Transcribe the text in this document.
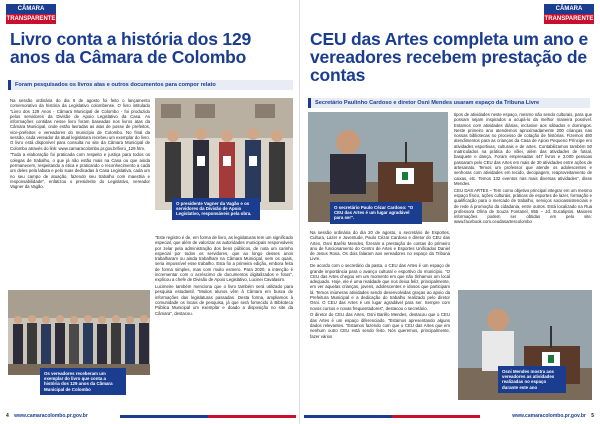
CÂMARA
TRANSPARENTE
Livro conta a história dos 129 anos da Câmara de Colombo
Foram pesquisados os livros atas e outros documentos para compor relato

Na sessão ordinária do dia 6 de agosto foi feito o lançamento comemorativo da história da Legislativo colombense. O livro intitulado "Livro dos 129 Anos - Câmara Municipal de Colombo - foi produzido pelos servidores da Divisão de Apoio Legislativo da Casa. As informações contidas nesse livro foram baseadas nos livros atas da Câmara Municipal, onde estão lavradas as atas de posse de prefeitos, vice-prefeitos e vereadores do município de Colombo. No final da sessão, cada vereador da atual legislatura recebeu um exemplar do livro. O livro está disponível para consulta no site da Câmara Municipal de Colombo através do link: www.camaracolombo.pr.gov.br/livro_129.htm.

"Toda a elaboração foi praticada com respeito e justiça para todos os colegas de trabalho, o que já não estão mais na Casa ou que ainda permanecem, respeitando a ética e praticando o reconhecimento a cada um deles pela labuta e pelo suas dedicadas à Casa Legislativa, cada um no seu campo de atuação, fazendo seu trabalho com maestria e responsabilidade", enfatizou o presidente do Legislativo, vereador Vagner da Vagão.

O presidente Vagner da Vagão e os servidores da Divisão de Apoio Legislativo, responsáveis pela obra.

"Este registro é de, em forma de livro, as legislaturas tem um significado especial, que além de valorizar as autoridades municipais responsáveis por zelar pela administração dos bens públicos, de nota um carinho especial por todos os servidores, que ao longo desses anos trabalharam ou ainda trabalham na Câmara Municipal, sem os quais, seria impossível esse trabalho. Esta foi a primeira edição, embora feita de forma simples, mas com muito esmero. Para 2020, a intenção é incrementar com o acréscimo de documentos digitalizados e fotos", explicou a chefe de Divisão de Apoio Legislativo, Lucinei Cavalasim.

Lucimeire também menciona que o livro também será utilizado para pesquisa estudantil. "Muitos alunos vêm à Câmara em busca de informações das legislaturas passadas. Desta forma, ampliamos à comunidade os locais de pesquisa, já que será fornecido à Biblioteca Pública Municipal um exemplar e doado a disposição no site da Câmara", destacou.

Os vereadores receberam um exemplar do livro que conta a história dos 129 anos da Câmara Municipal de Colombo
4 www.camaracolombo.pr.gov.br
CÂMARA
TRANSPARENTE
CEU das Artes completa um ano e vereadores recebem prestação de contas
Secretário Paulinho Cardoso e diretor Osni Mendes usaram espaço da Tribuna Livre
O secretário Paulo Cézar Cardoso: "O CEU das Artes é um lugar agradável para ser".

Na sessão ordinária do dia 20 de agosto, o secretário de Esportes, Cultura, Lazer e Juventude, Paulo Cézar Cardoso e diretor do CEU das Artes, Osni Barêlo Mendes, fizeram a prestação de contas do primeiro ano de funcionamento do Centro de Artes e Esportes Unificados Daniel de Jesus Rosa. Os dois falaram aos vereadores no espaço da Tribuna Livre.

De acordo com o secretário da pasta, o CEU das Artes é um espaço de grande importância para o avanço cultural e esportivo do município. "O CEU das Artes chegou em um momento em que não tínhamos um local adequado. Hoje, ele é uma realidade que nos deixa feliz, principalmente, em ver aquelas crianças, jovens, adolescentes e idosos que participam lá. Temos inúmeras atividades sendo desenvolvidas graças ao apoio da Prefeitura Municipal e a dedicação do trabalho realizado pelo diretor Osni. O CEU das Artes é um lugar agradável para ser. Sempre com novos cursos e novas frequentadores", destacou o secretário.

O diretor do CEU das Artes, Osni Barêlo Mendes, destacou que o CEU das Artes é um espaço diferenciado. "Estamos apresentando alguns dados relevantes. "Estamos fazendo com que o CEU das Artes que em nenhum outro CEU está sendo feito. Nós queremos, principalmente, fazer vários

tipos de atividades neste espaço, mesmo não sendo culturais, para que possam sejam inspirados a ocupá-lo da melhor maneira possível. Estamos com atividades diárias, inclusive aos sábados e domingos. Neste primeiro ano atendemos aproximadamente 200 crianças nas nossas bibliotecas no processo de cotação de histórias. Fizemos 480 atendimentos para as crianças da Casa de Apoio Pequeno Príncipe em atividades esportivas, culturais e de artes. Contabilizamos também 50 matriculados na prática do vôlei, além das atividades de futsal, basquete e dança. Foram empresadas 447 livros e 3.000 pessoas passaram pelo CEU das Artes em mais de 30 atividades entre ações de artesanato. Temos um professor que atende os adolescentes e senhoras com atividades em tecido, decopagem, reaproveitamento de caixas, etc. Temos 132 eventos nas mais diversas atividades", disse Mendes.

CEU DAS ARTES – Tem como objetivo principal integrar em um mesmo espaço físico, ações culturais, práticas de esportes de lazer, formação e qualificação para o mercado de trabalho, serviços socioassistenciais e de rede à promoção da cidadania, entre outros. Está localizado na Rua professora Olíria de Souza Fontanel, 855 – Jd. Eucaliptos. Maiores informações podem ser obtidas em pelo site: www.facebook.com.ceudasartescolombo

Osni Mendes mostra aos vereadores as atividades realizadas no espaço durante este ano
www.camaracolombo.pr.gov.br 5
